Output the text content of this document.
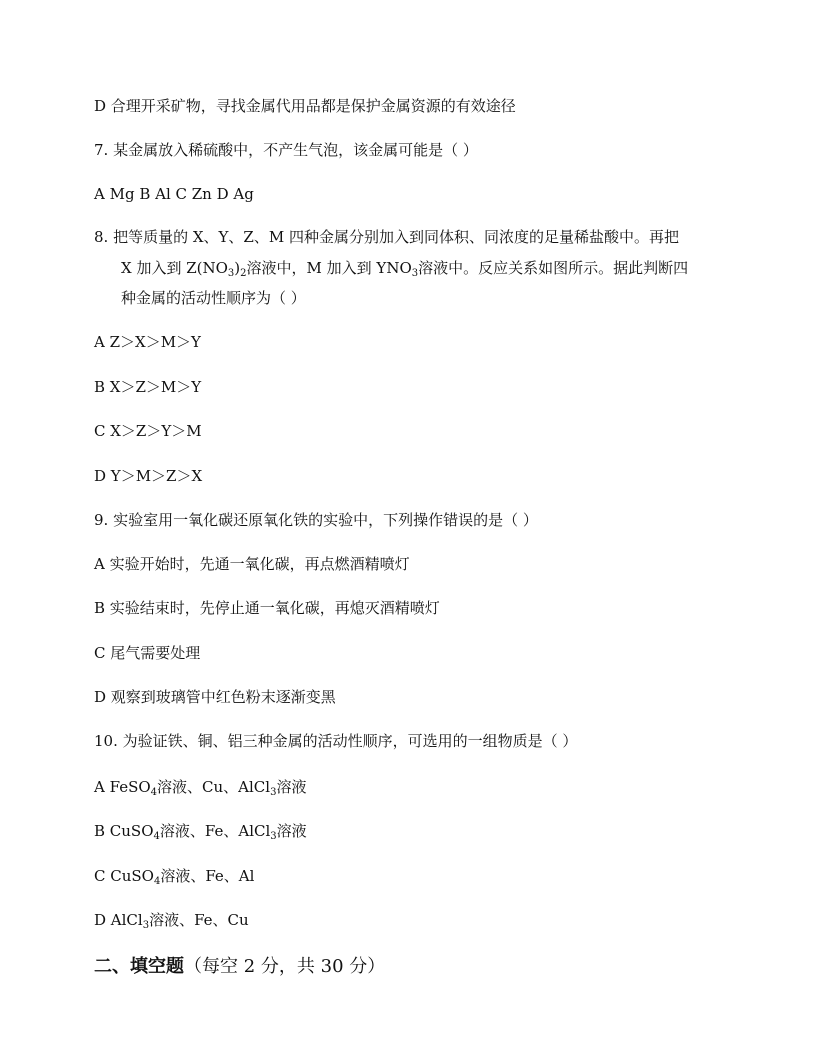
D 合理开采矿物，寻找金属代用品都是保护金属资源的有效途径
7. 某金属放入稀硫酸中，不产生气泡，该金属可能是（ ）
A Mg B Al C Zn D Ag
8. 把等质量的 X、Y、Z、M 四种金属分别加入到同体积、同浓度的足量稀盐酸中。再把
X 加入到 $Z(NO_3)_2$溶液中，M 加入到 $YNO_3$溶液中。反应关系如图所示。据此判断四
种金属的活动性顺序为（ ）
A Z＞X＞M＞Y
B X＞Z＞M＞Y
C X＞Z＞Y＞M
D Y＞M＞Z＞X
9. 实验室用一氧化碳还原氧化铁的实验中，下列操作错误的是（ ）
A 实验开始时，先通一氧化碳，再点燃酒精喷灯
B 实验结束时，先停止通一氧化碳，再熄灭酒精喷灯
C 尾气需要处理
D 观察到玻璃管中红色粉末逐渐变黑
10. 为验证铁、铜、铝三种金属的活动性顺序，可选用的一组物质是（ ）
A FeSO$_4$溶液、Cu、AlCl$_3$溶液
B CuSO$_4$溶液、Fe、AlCl$_3$溶液
C CuSO$_4$溶液、Fe、Al
D AlCl$_3$溶液、Fe、Cu
二、填空题（每空 2 分，共 30 分）
